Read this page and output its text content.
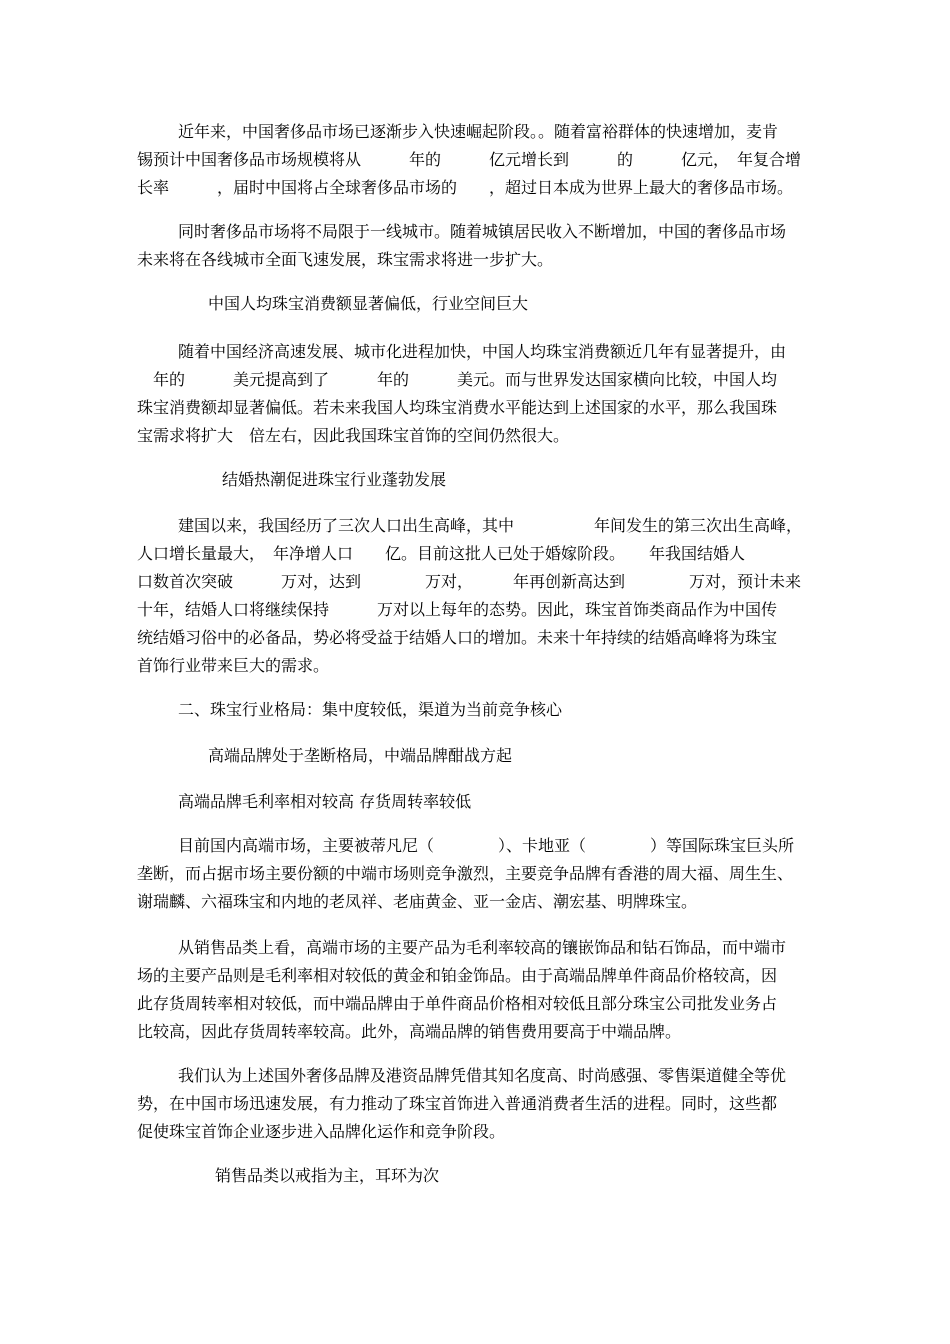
近年来，中国奢侈品市场已逐渐步入快速崛起阶段。。随着富裕群体的快速增加，麦肯

锡预计中国奢侈品市场规模将从　　　年的　　　亿元增长到　　　的　　　亿元，　年复合增

长率　　　，届时中国将占全球奢侈品市场的　　，超过日本成为世界上最大的奢侈品市场。

同时奢侈品市场将不局限于一线城市。随着城镇居民收入不断增加，中国的奢侈品市场

未来将在各线城市全面飞速发展，珠宝需求将进一步扩大。

中国人均珠宝消费额显著偏低，行业空间巨大

随着中国经济高速发展、城市化进程加快，中国人均珠宝消费额近几年有显著提升，由

　年的　　　美元提高到了　　　年的　　　美元。而与世界发达国家横向比较，中国人均

珠宝消费额却显著偏低。若未来我国人均珠宝消费水平能达到上述国家的水平，那么我国珠

宝需求将扩大　倍左右，因此我国珠宝首饰的空间仍然很大。

结婚热潮促进珠宝行业蓬勃发展

建国以来，我国经历了三次人口出生高峰，其中　　　　　年间发生的第三次出生高峰，

人口增长量最大，　年净增人口　　亿。目前这批人已处于婚嫁阶段。　　年我国结婚人

口数首次突破　　　万对，达到　　　　万对，　　　年再创新高达到　　　　万对，预计未来

十年，结婚人口将继续保持　　　万对以上每年的态势。因此，珠宝首饰类商品作为中国传

统结婚习俗中的必备品，势必将受益于结婚人口的增加。未来十年持续的结婚高峰将为珠宝

首饰行业带来巨大的需求。

二、珠宝行业格局：集中度较低，渠道为当前竞争核心

高端品牌处于垄断格局，中端品牌酣战方起

高端品牌毛利率相对较高 存货周转率较低

目前国内高端市场，主要被蒂凡尼（　　　　）、卡地亚（　　　　）等国际珠宝巨头所

垄断，而占据市场主要份额的中端市场则竞争激烈，主要竞争品牌有香港的周大福、周生生、

谢瑞麟、六福珠宝和内地的老凤祥、老庙黄金、亚一金店、潮宏基、明牌珠宝。

从销售品类上看，高端市场的主要产品为毛利率较高的镶嵌饰品和钻石饰品，而中端市

场的主要产品则是毛利率相对较低的黄金和铂金饰品。由于高端品牌单件商品价格较高，因

此存货周转率相对较低，而中端品牌由于单件商品价格相对较低且部分珠宝公司批发业务占

比较高，因此存货周转率较高。此外，高端品牌的销售费用要高于中端品牌。

我们认为上述国外奢侈品牌及港资品牌凭借其知名度高、时尚感强、零售渠道健全等优

势，在中国市场迅速发展，有力推动了珠宝首饰进入普通消费者生活的进程。同时，这些都

促使珠宝首饰企业逐步进入品牌化运作和竞争阶段。

销售品类以戒指为主，耳环为次
